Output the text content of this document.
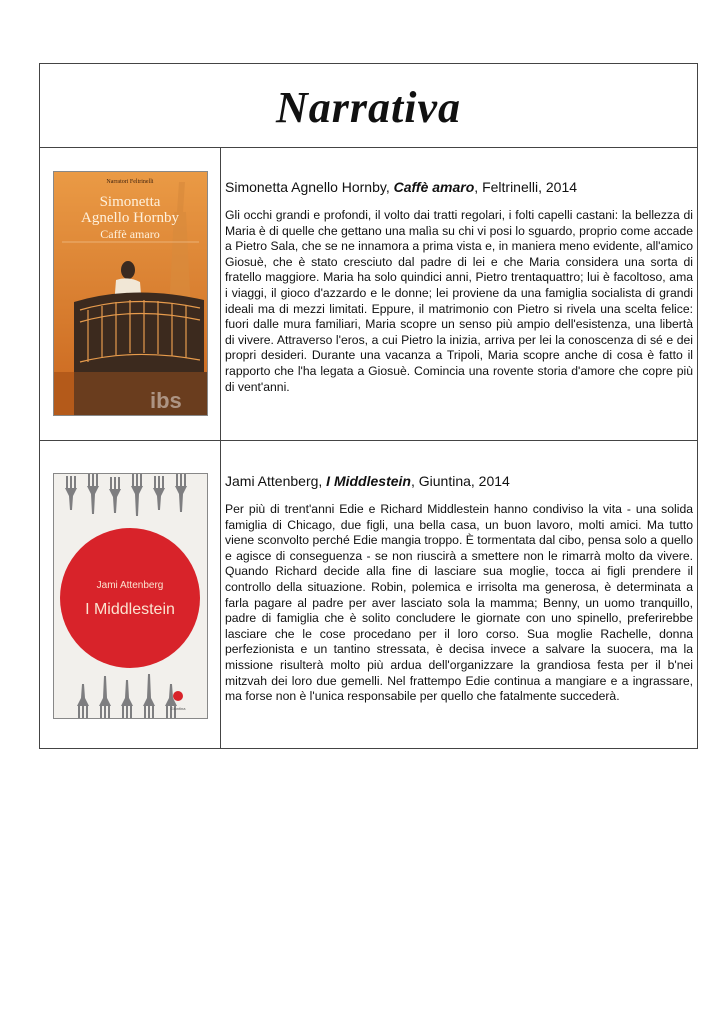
Narrativa
Narratori Feltrinelli
Simonetta
Agnello Hornby
Caffè amaro
ibs

Simonetta Agnello Hornby, Caffè amaro, Feltrinelli, 2014

Gli occhi grandi e profondi, il volto dai tratti regolari, i folti capelli castani: la bellezza di Maria è di quelle che gettano una malìa su chi vi posi lo sguardo, proprio come accade a Pietro Sala, che se ne innamora a prima vista e, in maniera meno evidente, all'amico Giosuè, che è stato cresciuto dal padre di lei e che Maria considera una sorta di fratello maggiore. Maria ha solo quindici anni, Pietro trentaquattro; lui è facoltoso, ama i viaggi, il gioco d'azzardo e le donne; lei proviene da una famiglia socialista di grandi ideali ma di mezzi limitati. Eppure, il matrimonio con Pietro si rivela una scelta felice: fuori dalle mura familiari, Maria scopre un senso più ampio dell'esistenza, una libertà di vivere. Attraverso l'eros, a cui Pietro la inizia, arriva per lei la conoscenza di sé e dei propri desideri. Durante una vacanza a Tripoli, Maria scopre anche di cosa è fatto il rapporto che l'ha legata a Giosuè. Comincia una rovente storia d'amore che copre più di vent'anni.

Jami Attenberg
I Middlestein
Giuntina

Jami Attenberg, I Middlestein, Giuntina, 2014

Per più di trent'anni Edie e Richard Middlestein hanno condiviso la vita - una solida famiglia di Chicago, due figli, una bella casa, un buon lavoro, molti amici. Ma tutto viene sconvolto perché Edie mangia troppo. È tormentata dal cibo, pensa solo a quello e agisce di conseguenza - se non riuscirà a smettere non le rimarrà molto da vivere. Quando Richard decide alla fine di lasciare sua moglie, tocca ai figli prendere il controllo della situazione. Robin, polemica e irrisolta ma generosa, è determinata a farla pagare al padre per aver lasciato sola la mamma; Benny, un uomo tranquillo, padre di famiglia che è solito concludere le giornate con uno spinello, preferirebbe lasciare che le cose procedano per il loro corso. Sua moglie Rachelle, donna perfezionista e un tantino stressata, è decisa invece a salvare la suocera, ma la missione risulterà molto più ardua dell'organizzare la grandiosa festa per il b'nei mitzvah dei loro due gemelli. Nel frattempo Edie continua a mangiare e a ingrassare, ma forse non è l'unica responsabile per quello che fatalmente succederà.
